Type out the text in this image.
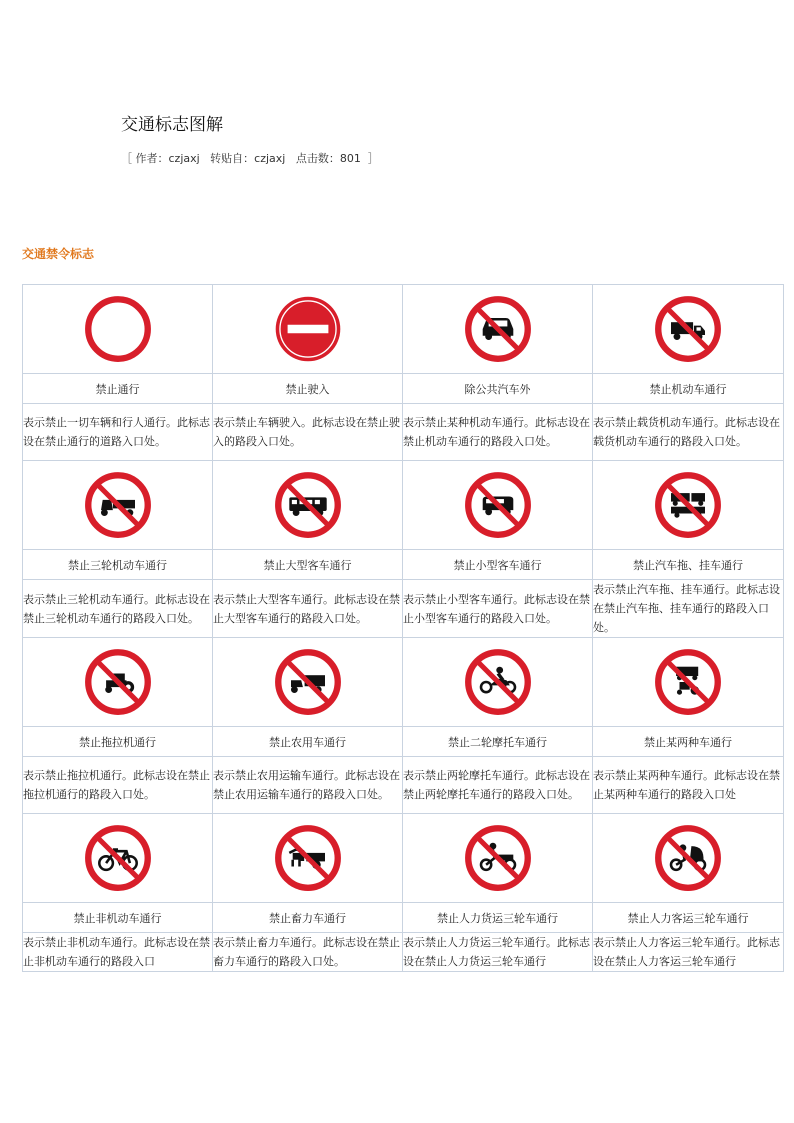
交通标志图解
［ 作者：czjaxj   转贴自：czjaxj   点击数：801  ］
交通禁令标志

禁止通行	禁止驶入	除公共汽车外	禁止机动车通行

表示禁止一切车辆和行人通行。此标志设在禁止通行的道路入口处。	表示禁止车辆驶入。此标志设在禁止驶入的路段入口处。	表示禁止某种机动车通行。此标志设在禁止机动车通行的路段入口处。	表示禁止载货机动车通行。此标志设在载货机动车通行的路段入口处。

禁止三轮机动车通行	禁止大型客车通行	禁止小型客车通行	禁止汽车拖、挂车通行

表示禁止三轮机动车通行。此标志设在禁止三轮机动车通行的路段入口处。	表示禁止大型客车通行。此标志设在禁止大型客车通行的路段入口处。	表示禁止小型客车通行。此标志设在禁止小型客车通行的路段入口处。	表示禁止汽车拖、挂车通行。此标志设在禁止汽车拖、挂车通行的路段入口处。

禁止拖拉机通行	禁止农用车通行	禁止二轮摩托车通行	禁止某两种车通行

表示禁止拖拉机通行。此标志设在禁止拖拉机通行的路段入口处。	表示禁止农用运输车通行。此标志设在禁止农用运输车通行的路段入口处。	表示禁止两轮摩托车通行。此标志设在禁止两轮摩托车通行的路段入口处。	表示禁止某两种车通行。此标志设在禁止某两种车通行的路段入口处

禁止非机动车通行	禁止畜力车通行	禁止人力货运三轮车通行	禁止人力客运三轮车通行

表示禁止非机动车通行。此标志设在禁止非机动车通行的路段入口	表示禁止畜力车通行。此标志设在禁止畜力车通行的路段入口处。	表示禁止人力货运三轮车通行。此标志设在禁止人力货运三轮车通行	表示禁止人力客运三轮车通行。此标志设在禁止人力客运三轮车通行
